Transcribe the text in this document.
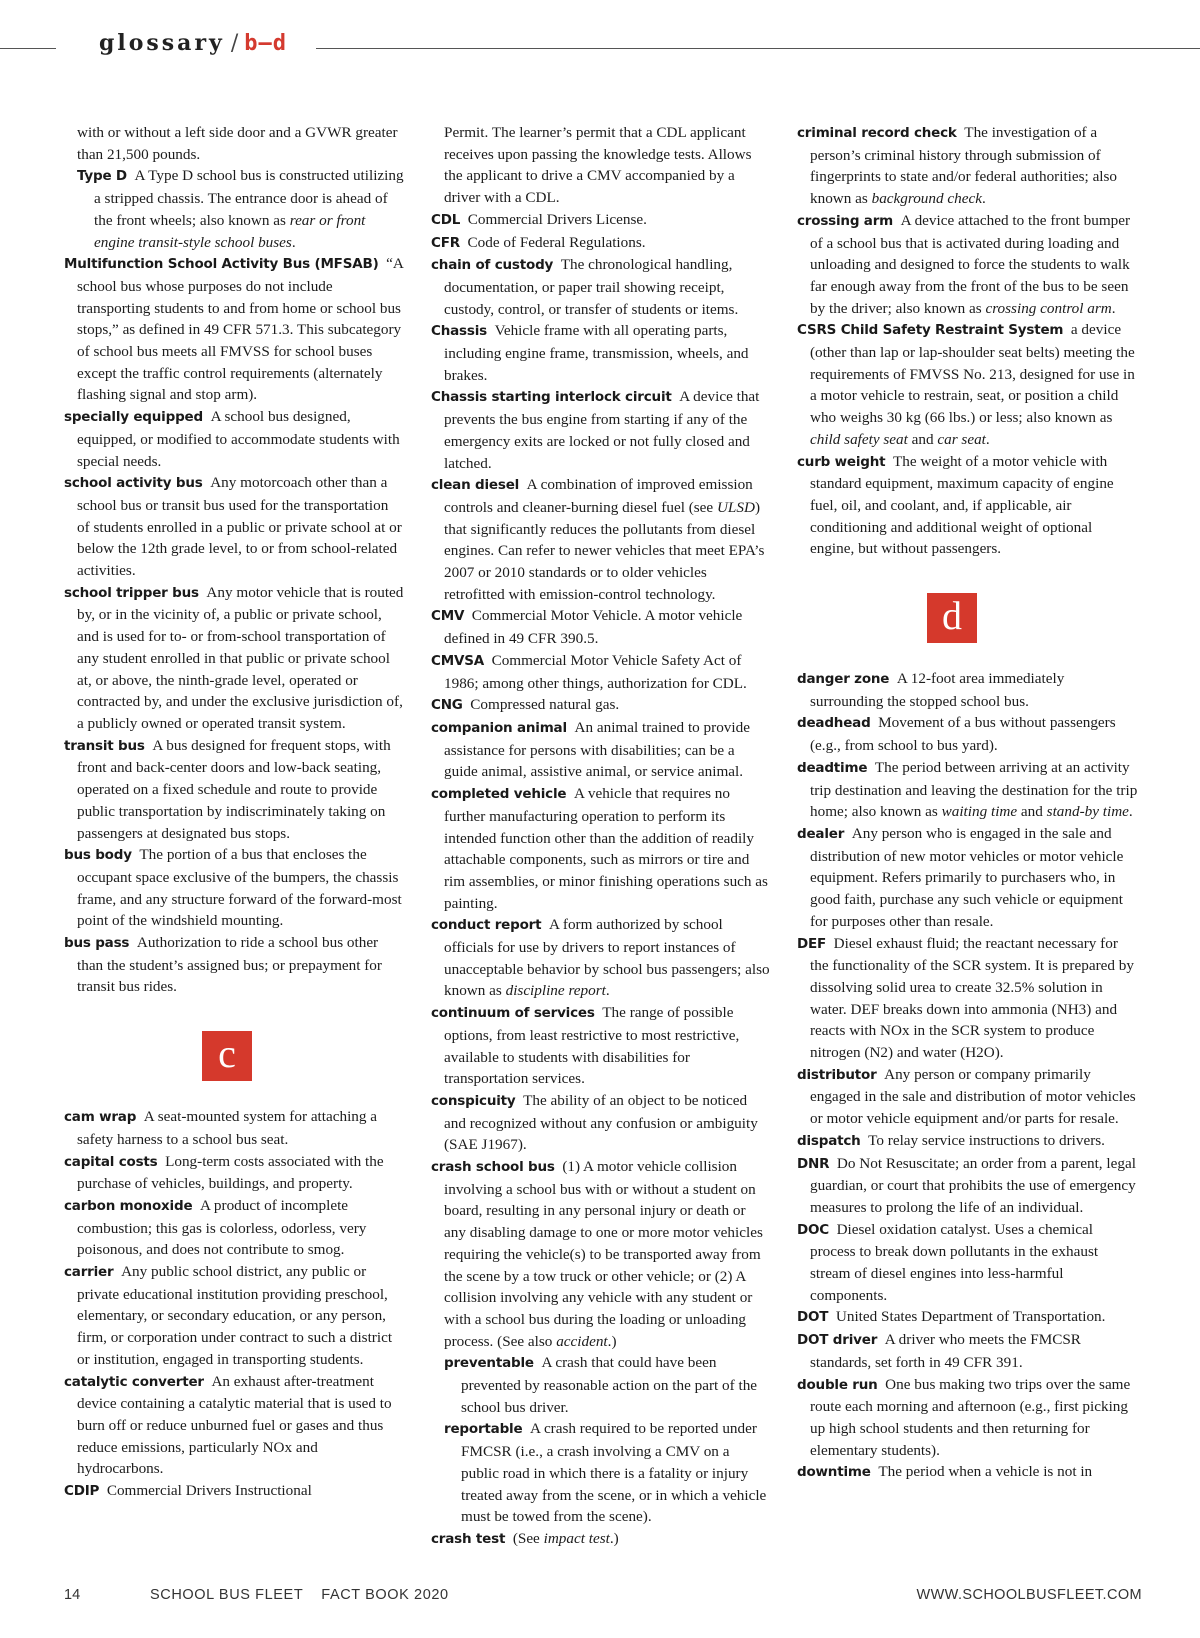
glossary / b–d

with or without a left side door and a GVWR greater than 21,500 pounds.

Type D  A Type D school bus is constructed utilizing a stripped chassis. The entrance door is ahead of the front wheels; also known as rear or front engine transit-style school buses.

Multifunction School Activity Bus (MFSAB)  “A school bus whose purposes do not include transporting students to and from home or school bus stops,” as defined in 49 CFR 571.3. This subcategory of school bus meets all FMVSS for school buses except the traffic control requirements (alternately flashing signal and stop arm).

specially equipped  A school bus designed, equipped, or modified to accommodate students with special needs.

school activity bus  Any motorcoach other than a school bus or transit bus used for the transportation of students enrolled in a public or private school at or below the 12th grade level, to or from school-related activities.

school tripper bus  Any motor vehicle that is routed by, or in the vicinity of, a public or private school, and is used for to- or from-school transportation of any student enrolled in that public or private school at, or above, the ninth-grade level, operated or contracted by, and under the exclusive jurisdiction of, a publicly owned or operated transit system.

transit bus  A bus designed for frequent stops, with front and back-center doors and low-back seating, operated on a fixed schedule and route to provide public transportation by indiscriminately taking on passengers at designated bus stops.

bus body  The portion of a bus that encloses the occupant space exclusive of the bumpers, the chassis frame, and any structure forward of the forward-most point of the windshield mounting.

bus pass  Authorization to ride a school bus other than the student’s assigned bus; or prepayment for transit bus rides.

c

cam wrap  A seat-mounted system for attaching a safety harness to a school bus seat.

capital costs  Long-term costs associated with the purchase of vehicles, buildings, and property.

carbon monoxide  A product of incomplete combustion; this gas is colorless, odorless, very poisonous, and does not contribute to smog.

carrier  Any public school district, any public or private educational institution providing preschool, elementary, or secondary education, or any person, firm, or corporation under contract to such a district or institution, engaged in transporting students.

catalytic converter  An exhaust after-treatment device containing a catalytic material that is used to burn off or reduce unburned fuel or gases and thus reduce emissions, particularly NOx and hydrocarbons.

CDIP  Commercial Drivers Instructional

Permit. The learner’s permit that a CDL applicant receives upon passing the knowledge tests. Allows the applicant to drive a CMV accompanied by a driver with a CDL.

CDL  Commercial Drivers License.

CFR  Code of Federal Regulations.

chain of custody  The chronological handling, documentation, or paper trail showing receipt, custody, control, or transfer of students or items.

Chassis  Vehicle frame with all operating parts, including engine frame, transmission, wheels, and brakes.

Chassis starting interlock circuit  A device that prevents the bus engine from starting if any of the emergency exits are locked or not fully closed and latched.

clean diesel  A combination of improved emission controls and cleaner-burning diesel fuel (see ULSD) that significantly reduces the pollutants from diesel engines. Can refer to newer vehicles that meet EPA’s 2007 or 2010 standards or to older vehicles retrofitted with emission-control technology.

CMV  Commercial Motor Vehicle. A motor vehicle defined in 49 CFR 390.5.

CMVSA  Commercial Motor Vehicle Safety Act of 1986; among other things, authorization for CDL.

CNG  Compressed natural gas.

companion animal  An animal trained to provide assistance for persons with disabilities; can be a guide animal, assistive animal, or service animal.

completed vehicle  A vehicle that requires no further manufacturing operation to perform its intended function other than the addition of readily attachable components, such as mirrors or tire and rim assemblies, or minor finishing operations such as painting.

conduct report  A form authorized by school officials for use by drivers to report instances of unacceptable behavior by school bus passengers; also known as discipline report.

continuum of services  The range of possible options, from least restrictive to most restrictive, available to students with disabilities for transportation services.

conspicuity  The ability of an object to be noticed and recognized without any confusion or ambiguity (SAE J1967).

crash school bus  (1) A motor vehicle collision involving a school bus with or without a student on board, resulting in any personal injury or death or any disabling damage to one or more motor vehicles requiring the vehicle(s) to be transported away from the scene by a tow truck or other vehicle; or (2) A collision involving any vehicle with any student or with a school bus during the loading or unloading process. (See also accident.)

preventable  A crash that could have been prevented by reasonable action on the part of the school bus driver.

reportable  A crash required to be reported under FMCSR (i.e., a crash involving a CMV on a public road in which there is a fatality or injury treated away from the scene, or in which a vehicle must be towed from the scene).

crash test  (See impact test.)

criminal record check  The investigation of a person’s criminal history through submission of fingerprints to state and/or federal authorities; also known as background check.

crossing arm  A device attached to the front bumper of a school bus that is activated during loading and unloading and designed to force the students to walk far enough away from the front of the bus to be seen by the driver; also known as crossing control arm.

CSRS Child Safety Restraint System  a device (other than lap or lap-shoulder seat belts) meeting the requirements of FMVSS No. 213, designed for use in a motor vehicle to restrain, seat, or position a child who weighs 30 kg (66 lbs.) or less; also known as child safety seat and car seat.

curb weight  The weight of a motor vehicle with standard equipment, maximum capacity of engine fuel, oil, and coolant, and, if applicable, air conditioning and additional weight of optional engine, but without passengers.

d

danger zone  A 12-foot area immediately surrounding the stopped school bus.

deadhead  Movement of a bus without passengers (e.g., from school to bus yard).

deadtime  The period between arriving at an activity trip destination and leaving the destination for the trip home; also known as waiting time and stand-by time.

dealer  Any person who is engaged in the sale and distribution of new motor vehicles or motor vehicle equipment. Refers primarily to purchasers who, in good faith, purchase any such vehicle or equipment for purposes other than resale.

DEF  Diesel exhaust fluid; the reactant necessary for the functionality of the SCR system. It is prepared by dissolving solid urea to create 32.5% solution in water. DEF breaks down into ammonia (NH3) and reacts with NOx in the SCR system to produce nitrogen (N2) and water (H2O).

distributor  Any person or company primarily engaged in the sale and distribution of motor vehicles or motor vehicle equipment and/or parts for resale.

dispatch  To relay service instructions to drivers.

DNR  Do Not Resuscitate; an order from a parent, legal guardian, or court that prohibits the use of emergency measures to prolong the life of an individual.

DOC  Diesel oxidation catalyst. Uses a chemical process to break down pollutants in the exhaust stream of diesel engines into less-harmful components.

DOT  United States Department of Transportation.

DOT driver  A driver who meets the FMCSR standards, set forth in 49 CFR 391.

double run  One bus making two trips over the same route each morning and afternoon (e.g., first picking up high school students and then returning for elementary students).

downtime  The period when a vehicle is not in

14	SCHOOL BUS FLEET FACT BOOK 2020	WWW.SCHOOLBUSFLEET.COM
